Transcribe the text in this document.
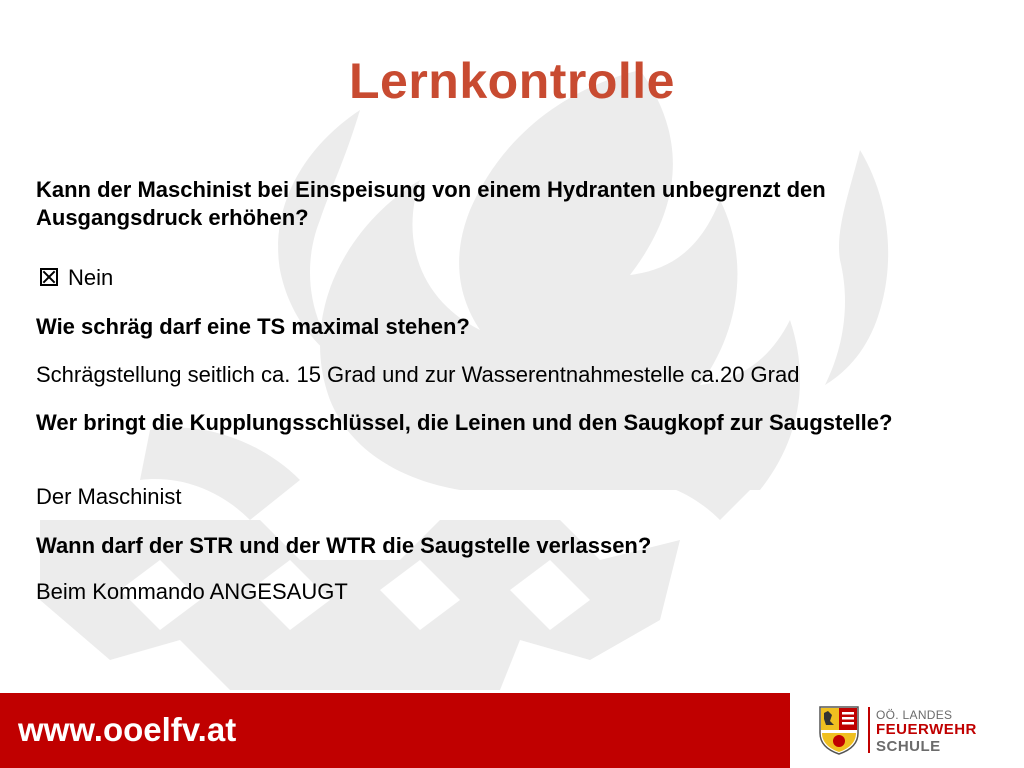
Lernkontrolle

Kann der Maschinist bei Einspeisung von einem Hydranten unbegrenzt den Ausgangsdruck erhöhen?

Nein

Wie schräg darf eine TS maximal stehen?

Schrägstellung seitlich ca. 15 Grad und zur Wasserentnahmestelle ca.20 Grad

Wer bringt die Kupplungsschlüssel, die Leinen und den Saugkopf zur Saugstelle?

Der Maschinist

Wann darf der STR und der WTR die Saugstelle verlassen?

Beim Kommando ANGESAUGT

www.ooelfv.at	OÖ. LANDES
FEUERWEHR
SCHULE
